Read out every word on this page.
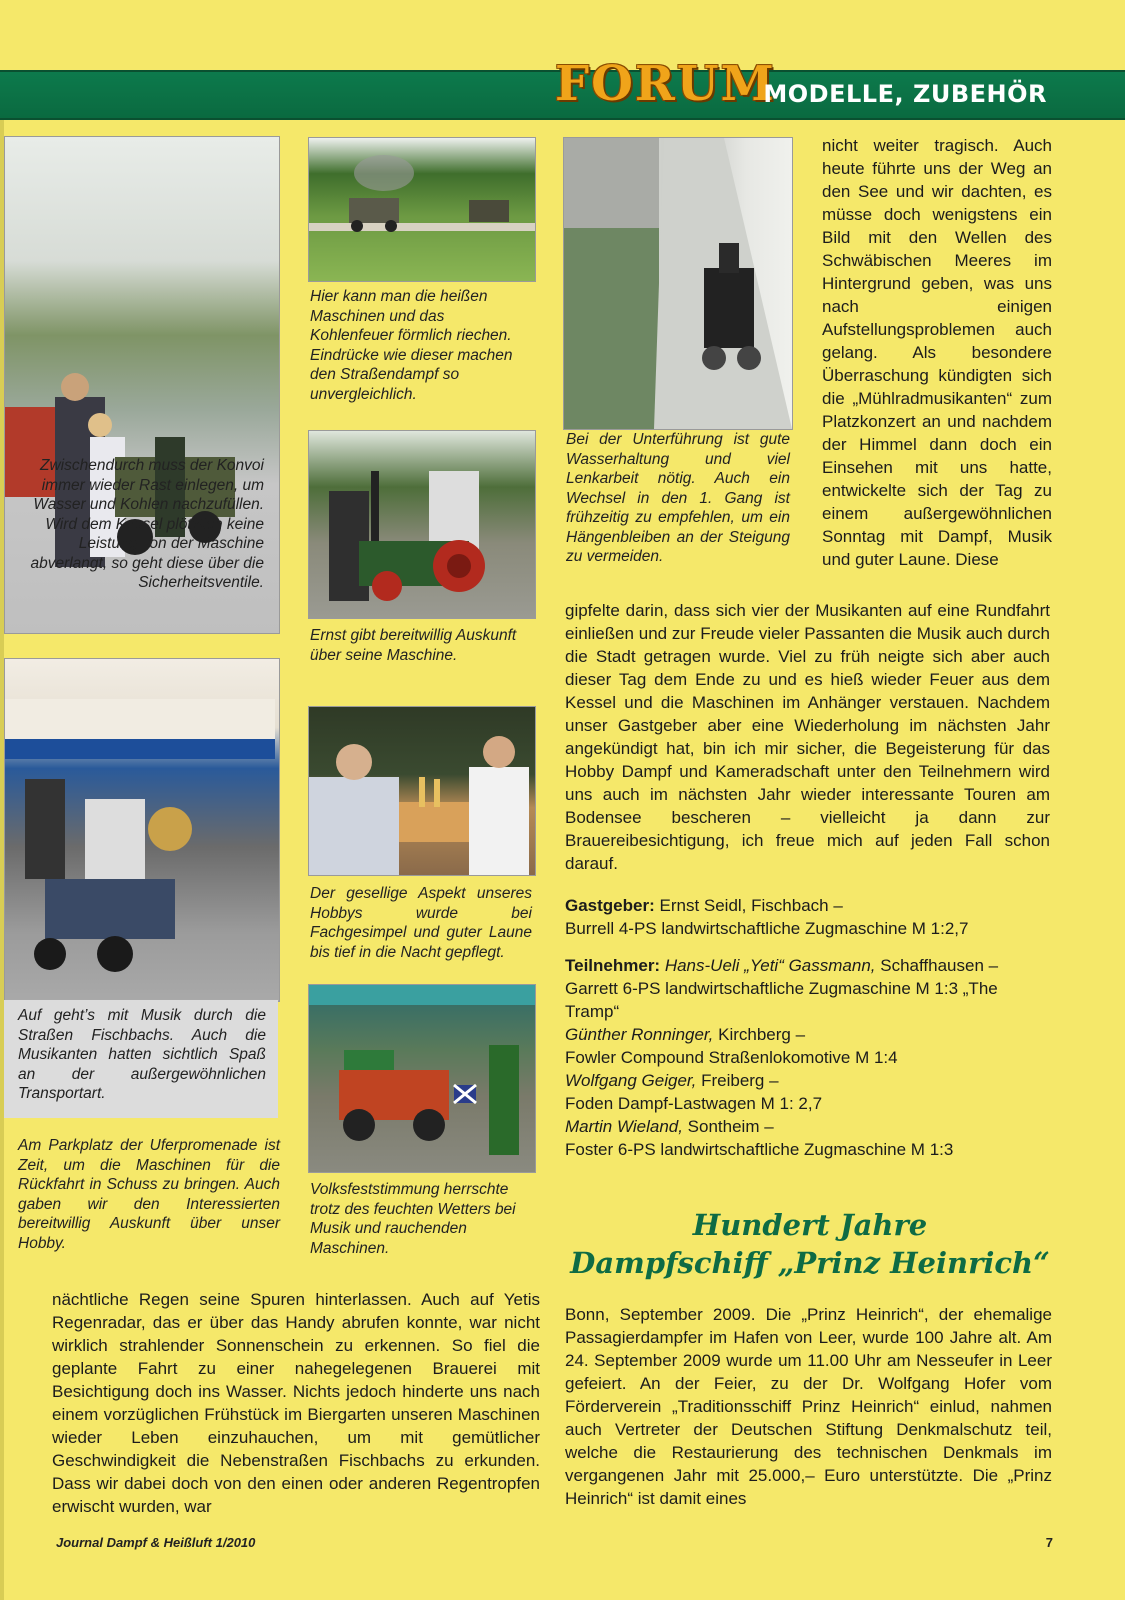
FORUM
MODELLE, ZUBEHÖR
Zwischendurch muss der Konvoi immer wieder Rast einlegen, um Wasser und Kohlen nachzufüllen. Wird dem Kessel plötzlich keine Leistung von der Maschine abverlangt, so geht diese über die Sicherheitsventile.
Auf geht’s mit Musik durch die Straßen Fischbachs. Auch die Musikanten hatten sichtlich Spaß an der außergewöhnlichen Transportart.
Am Parkplatz der Uferpromenade ist Zeit, um die Maschinen für die Rückfahrt in Schuss zu bringen. Auch gaben wir den Interessierten bereitwillig Auskunft über unser Hobby.
Hier kann man die heißen Maschinen und das Kohlenfeuer förmlich riechen. Eindrücke wie dieser machen den Straßendampf so unvergleichlich.
Ernst gibt bereitwillig Auskunft über seine Maschine.
Der gesellige Aspekt unseres Hobbys wurde bei Fachgesimpel und guter Laune bis tief in die Nacht gepflegt.
Volksfeststimmung herrschte trotz des feuchten Wetters bei Musik und rauchenden Maschinen.
Bei der Unterführung ist gute Wasserhaltung und viel Lenkarbeit nötig. Auch ein Wechsel in den 1. Gang ist frühzeitig zu empfehlen, um ein Hängenbleiben an der Steigung zu vermeiden.
nicht weiter tragisch. Auch heute führte uns der Weg an den See und wir dachten, es müsse doch wenigstens ein Bild mit den Wellen des Schwäbischen Meeres im Hintergrund geben, was uns nach einigen Aufstellungsproblemen auch gelang. Als besondere Überraschung kündigten sich die „Mühlradmusikanten“ zum Platzkonzert an und nachdem der Himmel dann doch ein Einsehen mit uns hatte, entwickelte sich der Tag zu einem außergewöhnlichen Sonntag mit Dampf, Musik und guter Laune. Diese
gipfelte darin, dass sich vier der Musikanten auf eine Rundfahrt einließen und zur Freude vieler Passanten die Musik auch durch die Stadt getragen wurde. Viel zu früh neigte sich aber auch dieser Tag dem Ende zu und es hieß wieder Feuer aus dem Kessel und die Maschinen im Anhänger verstauen. Nachdem unser Gastgeber aber eine Wiederholung im nächsten Jahr angekündigt hat, bin ich mir sicher, die Begeisterung für das Hobby Dampf und Kameradschaft unter den Teilnehmern wird uns auch im nächsten Jahr wieder interessante Touren am Bodensee bescheren – vielleicht ja dann zur Brauereibesichtigung, ich freue mich auf jeden Fall schon darauf.
Gastgeber: Ernst Seidl, Fischbach –
Burrell 4-PS landwirtschaftliche Zugmaschine M 1:2,7
Teilnehmer: Hans-Ueli „Yeti“ Gassmann, Schaffhausen –
Garrett 6-PS landwirtschaftliche Zugmaschine M 1:3 „The Tramp“
Günther Ronninger, Kirchberg –
Fowler Compound Straßenlokomotive M 1:4
Wolfgang Geiger, Freiberg –
Foden Dampf-Lastwagen M 1: 2,7
Martin Wieland, Sontheim –
Foster 6-PS landwirtschaftliche Zugmaschine M 1:3
Hundert Jahre
Dampfschiff „Prinz Heinrich“
Bonn, September 2009. Die „Prinz Heinrich“, der ehemalige Passagierdampfer im Hafen von Leer, wurde 100 Jahre alt. Am 24. September 2009 wurde um 11.00 Uhr am Nesseufer in Leer gefeiert. An der Feier, zu der Dr. Wolfgang Hofer vom Förderverein „Traditionsschiff Prinz Heinrich“ einlud, nahmen auch Vertreter der Deutschen Stiftung Denkmalschutz teil, welche die Restaurierung des technischen Denkmals im vergangenen Jahr mit 25.000,– Euro unterstützte. Die „Prinz Heinrich“ ist damit eines
nächtliche Regen seine Spuren hinterlassen. Auch auf Yetis Regenradar, das er über das Handy abrufen konnte, war nicht wirklich strahlender Sonnenschein zu erkennen. So fiel die geplante Fahrt zu einer nahegelegenen Brauerei mit Besichtigung doch ins Wasser. Nichts jedoch hinderte uns nach einem vorzüglichen Frühstück im Biergarten unseren Maschinen wieder Leben einzuhauchen, um mit gemütlicher Geschwindigkeit die Nebenstraßen Fischbachs zu erkunden. Dass wir dabei doch von den einen oder anderen Regentropfen erwischt wurden, war
Journal Dampf & Heißluft 1/2010	7
